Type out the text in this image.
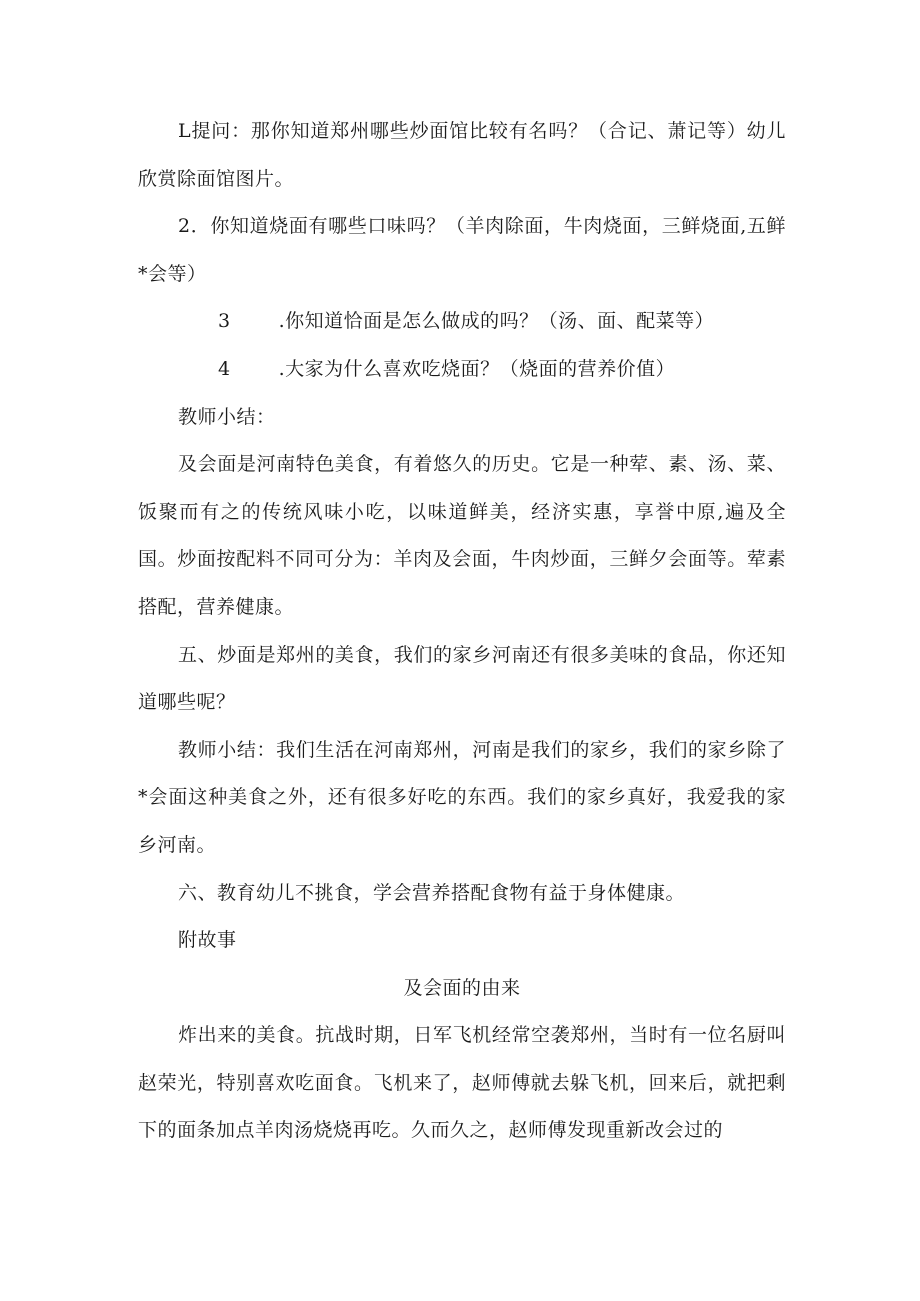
L提问：那你知道郑州哪些炒面馆比较有名吗？（合记、萧记等）幼儿欣赏除面馆图片。

2．你知道烧面有哪些口味吗？（羊肉除面，牛肉烧面，三鲜烧面,五鲜*会等）

3	.你知道恰面是怎么做成的吗？（汤、面、配菜等）

4	.大家为什么喜欢吃烧面？（烧面的营养价值）

教师小结：

及会面是河南特色美食，有着悠久的历史。它是一种荤、素、汤、菜、饭聚而有之的传统风味小吃，以味道鲜美，经济实惠，享誉中原,遍及全国。炒面按配料不同可分为：羊肉及会面，牛肉炒面，三鲜夕会面等。荤素搭配，营养健康。

五、炒面是郑州的美食，我们的家乡河南还有很多美味的食品，你还知道哪些呢？

教师小结：我们生活在河南郑州，河南是我们的家乡，我们的家乡除了*会面这种美食之外，还有很多好吃的东西。我们的家乡真好，我爱我的家乡河南。

六、教育幼儿不挑食，学会营养搭配食物有益于身体健康。

附故事

及会面的由来

炸出来的美食。抗战时期，日军飞机经常空袭郑州，当时有一位名厨叫赵荣光，特别喜欢吃面食。飞机来了，赵师傅就去躲飞机，回来后，就把剩下的面条加点羊肉汤烧烧再吃。久而久之，赵师傅发现重新改会过的
